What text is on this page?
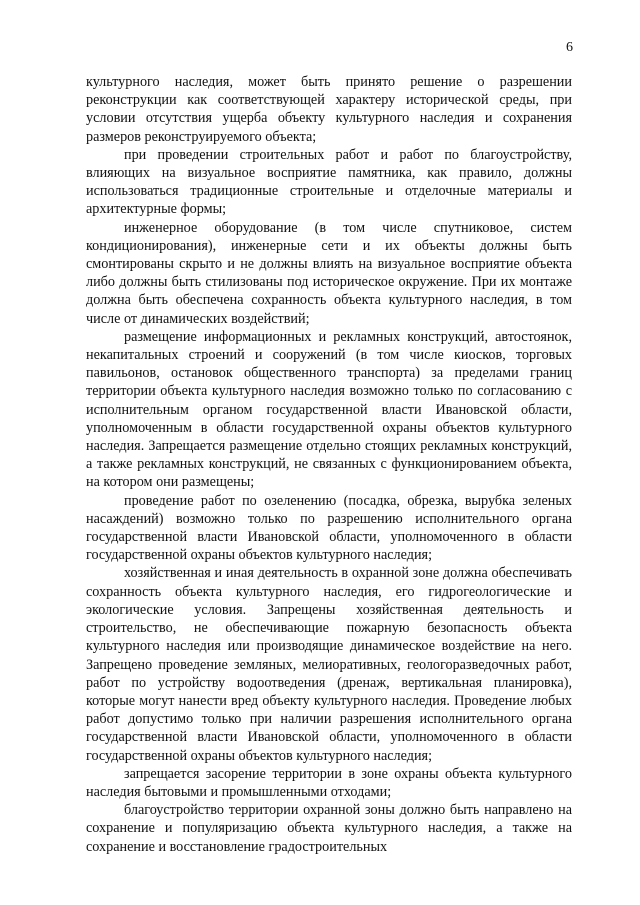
6

культурного наследия, может быть принято решение о разрешении реконструкции как соответствующей характеру исторической среды, при условии отсутствия ущерба объекту культурного наследия и сохранения размеров реконструируемого объекта;

при проведении строительных работ и работ по благоустройству, влияющих на визуальное восприятие памятника, как правило, должны использоваться традиционные строительные и отделочные материалы и архитектурные формы;

инженерное оборудование (в том числе спутниковое, систем кондиционирования), инженерные сети и их объекты должны быть смонтированы скрыто и не должны влиять на визуальное восприятие объекта либо должны быть стилизованы под историческое окружение. При их монтаже должна быть обеспечена сохранность объекта культурного наследия, в том числе от динамических воздействий;

размещение информационных и рекламных конструкций, автостоянок, некапитальных строений и сооружений (в том числе киосков, торговых павильонов, остановок общественного транспорта) за пределами границ территории объекта культурного наследия возможно только по согласованию с исполнительным органом государственной власти Ивановской области, уполномоченным в области государственной охраны объектов культурного наследия. Запрещается размещение отдельно стоящих рекламных конструкций, а также рекламных конструкций, не связанных с функционированием объекта, на котором они размещены;

проведение работ по озеленению (посадка, обрезка, вырубка зеленых насаждений) возможно только по разрешению исполнительного органа государственной власти Ивановской области, уполномоченного в области государственной охраны объектов культурного наследия;

хозяйственная и иная деятельность в охранной зоне должна обеспечивать сохранность объекта культурного наследия, его гидрогеологические и экологические условия. Запрещены хозяйственная деятельность и строительство, не обеспечивающие пожарную безопасность объекта культурного наследия или производящие динамическое воздействие на него. Запрещено проведение земляных, мелиоративных, геологоразведочных работ, работ по устройству водоотведения (дренаж, вертикальная планировка), которые могут нанести вред объекту культурного наследия. Проведение любых работ допустимо только при наличии разрешения исполнительного органа государственной власти Ивановской области, уполномоченного в области государственной охраны объектов культурного наследия;

запрещается засорение территории в зоне охраны объекта культурного наследия бытовыми и промышленными отходами;

благоустройство территории охранной зоны должно быть направлено на сохранение и популяризацию объекта культурного наследия, а также на сохранение и восстановление градостроительных
